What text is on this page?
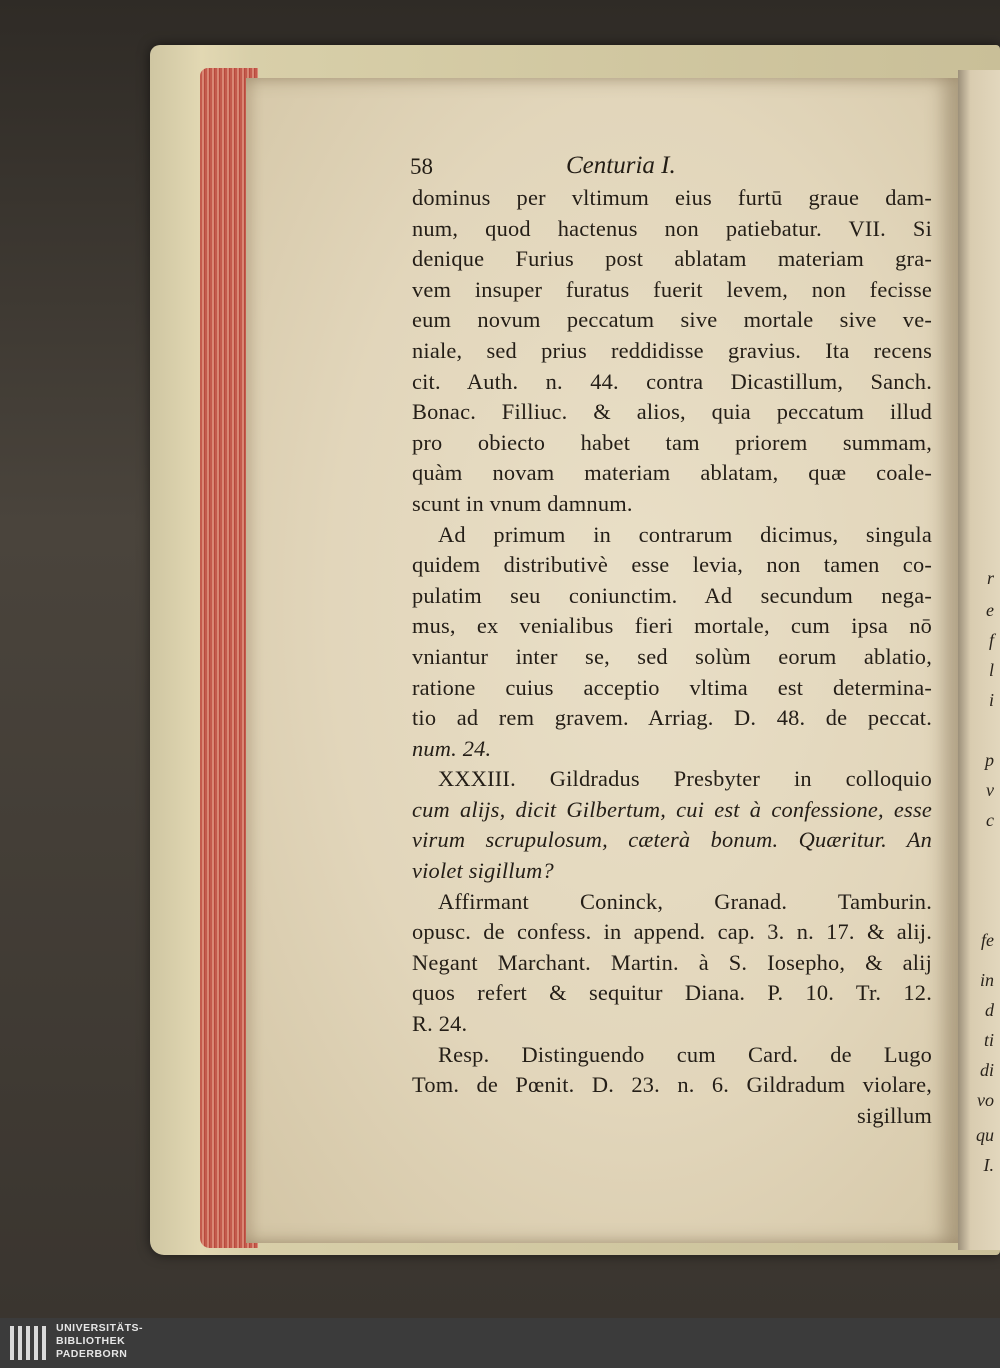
r
e
f
l
i
p
v
c
fe
in
d
ti
di
vo
qu
I.
58	Centuria I.
dominus per vltimum eius furtū graue dam-
num, quod hactenus non patiebatur. VII. Si
denique Furius post ablatam materiam gra-
vem insuper furatus fuerit levem, non fecisse
eum novum peccatum sive mortale sive ve-
niale, sed prius reddidisse gravius. Ita recens
cit. Auth. n. 44. contra Dicastillum, Sanch.
Bonac. Filliuc. & alios, quia peccatum illud
pro obiecto habet tam priorem summam,
quàm novam materiam ablatam, quæ coale-
scunt in vnum damnum.
Ad primum in contrarum dicimus, singula
quidem distributivè esse levia, non tamen co-
pulatim seu coniunctim. Ad secundum nega-
mus, ex venialibus fieri mortale, cum ipsa nō
vniantur inter se, sed solùm eorum ablatio,
ratione cuius acceptio vltima est determina-
tio ad rem gravem. Arriag. D. 48. de peccat.
num. 24.
XXXIII. Gildradus Presbyter in colloquio
cum alijs, dicit Gilbertum, cui est à confessione, esse
virum scrupulosum, cæterà bonum. Quæritur. An
violet sigillum?
Affirmant Coninck, Granad. Tamburin.
opusc. de confess. in append. cap. 3. n. 17. & alij.
Negant Marchant. Martin. à S. Iosepho, & alij
quos refert & sequitur Diana. P. 10. Tr. 12.
R. 24.
Resp. Distinguendo cum Card. de Lugo
Tom. de Pœnit. D. 23. n. 6. Gildradum violare,
sigillum
UNIVERSITÄTS-
BIBLIOTHEK
PADERBORN
